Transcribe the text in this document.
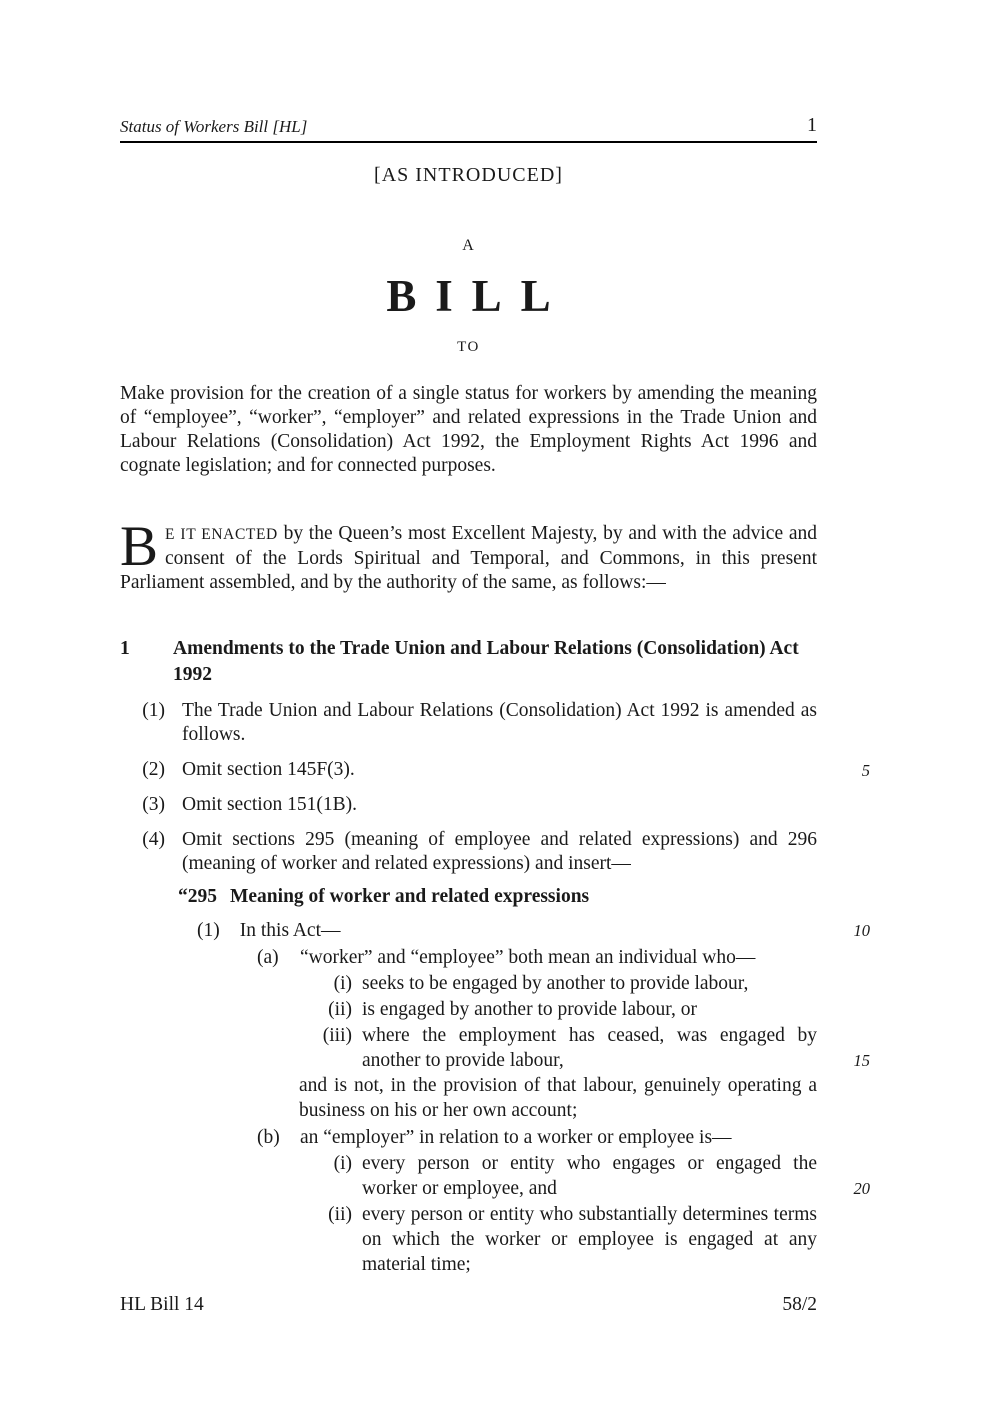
Status of Workers Bill [HL]	1
[AS INTRODUCED]
A
BILL
TO

Make provision for the creation of a single status for workers by amending the meaning of “employee”, “worker”, “employer” and related expressions in the Trade Union and Labour Relations (Consolidation) Act 1992, the Employment Rights Act 1996 and cognate legislation; and for connected purposes.

B E IT ENACTED by the Queen’s most Excellent Majesty, by and with the advice and consent of the Lords Spiritual and Temporal, and Commons, in this present Parliament assembled, and by the authority of the same, as follows:—

1	Amendments to the Trade Union and Labour Relations (Consolidation) Act 1992
(1) The Trade Union and Labour Relations (Consolidation) Act 1992 is amended as follows.
(2) Omit section 145F(3).	5
(3) Omit section 151(1B).
(4) Omit sections 295 (meaning of employee and related expressions) and 296 (meaning of worker and related expressions) and insert—
“295 Meaning of worker and related expressions
(1)	In this Act—	10
(a)	“worker” and “employee” both mean an individual who—
(i) seeks to be engaged by another to provide labour,
(ii) is engaged by another to provide labour, or
(iii) where the employment has ceased, was engaged by another to provide labour,	15
and is not, in the provision of that labour, genuinely operating a business on his or her own account;
(b)	an “employer” in relation to a worker or employee is—
(i) every person or entity who engages or engaged the worker or employee, and	20
(ii) every person or entity who substantially determines terms on which the worker or employee is engaged at any material time;
HL Bill 14	58/2
